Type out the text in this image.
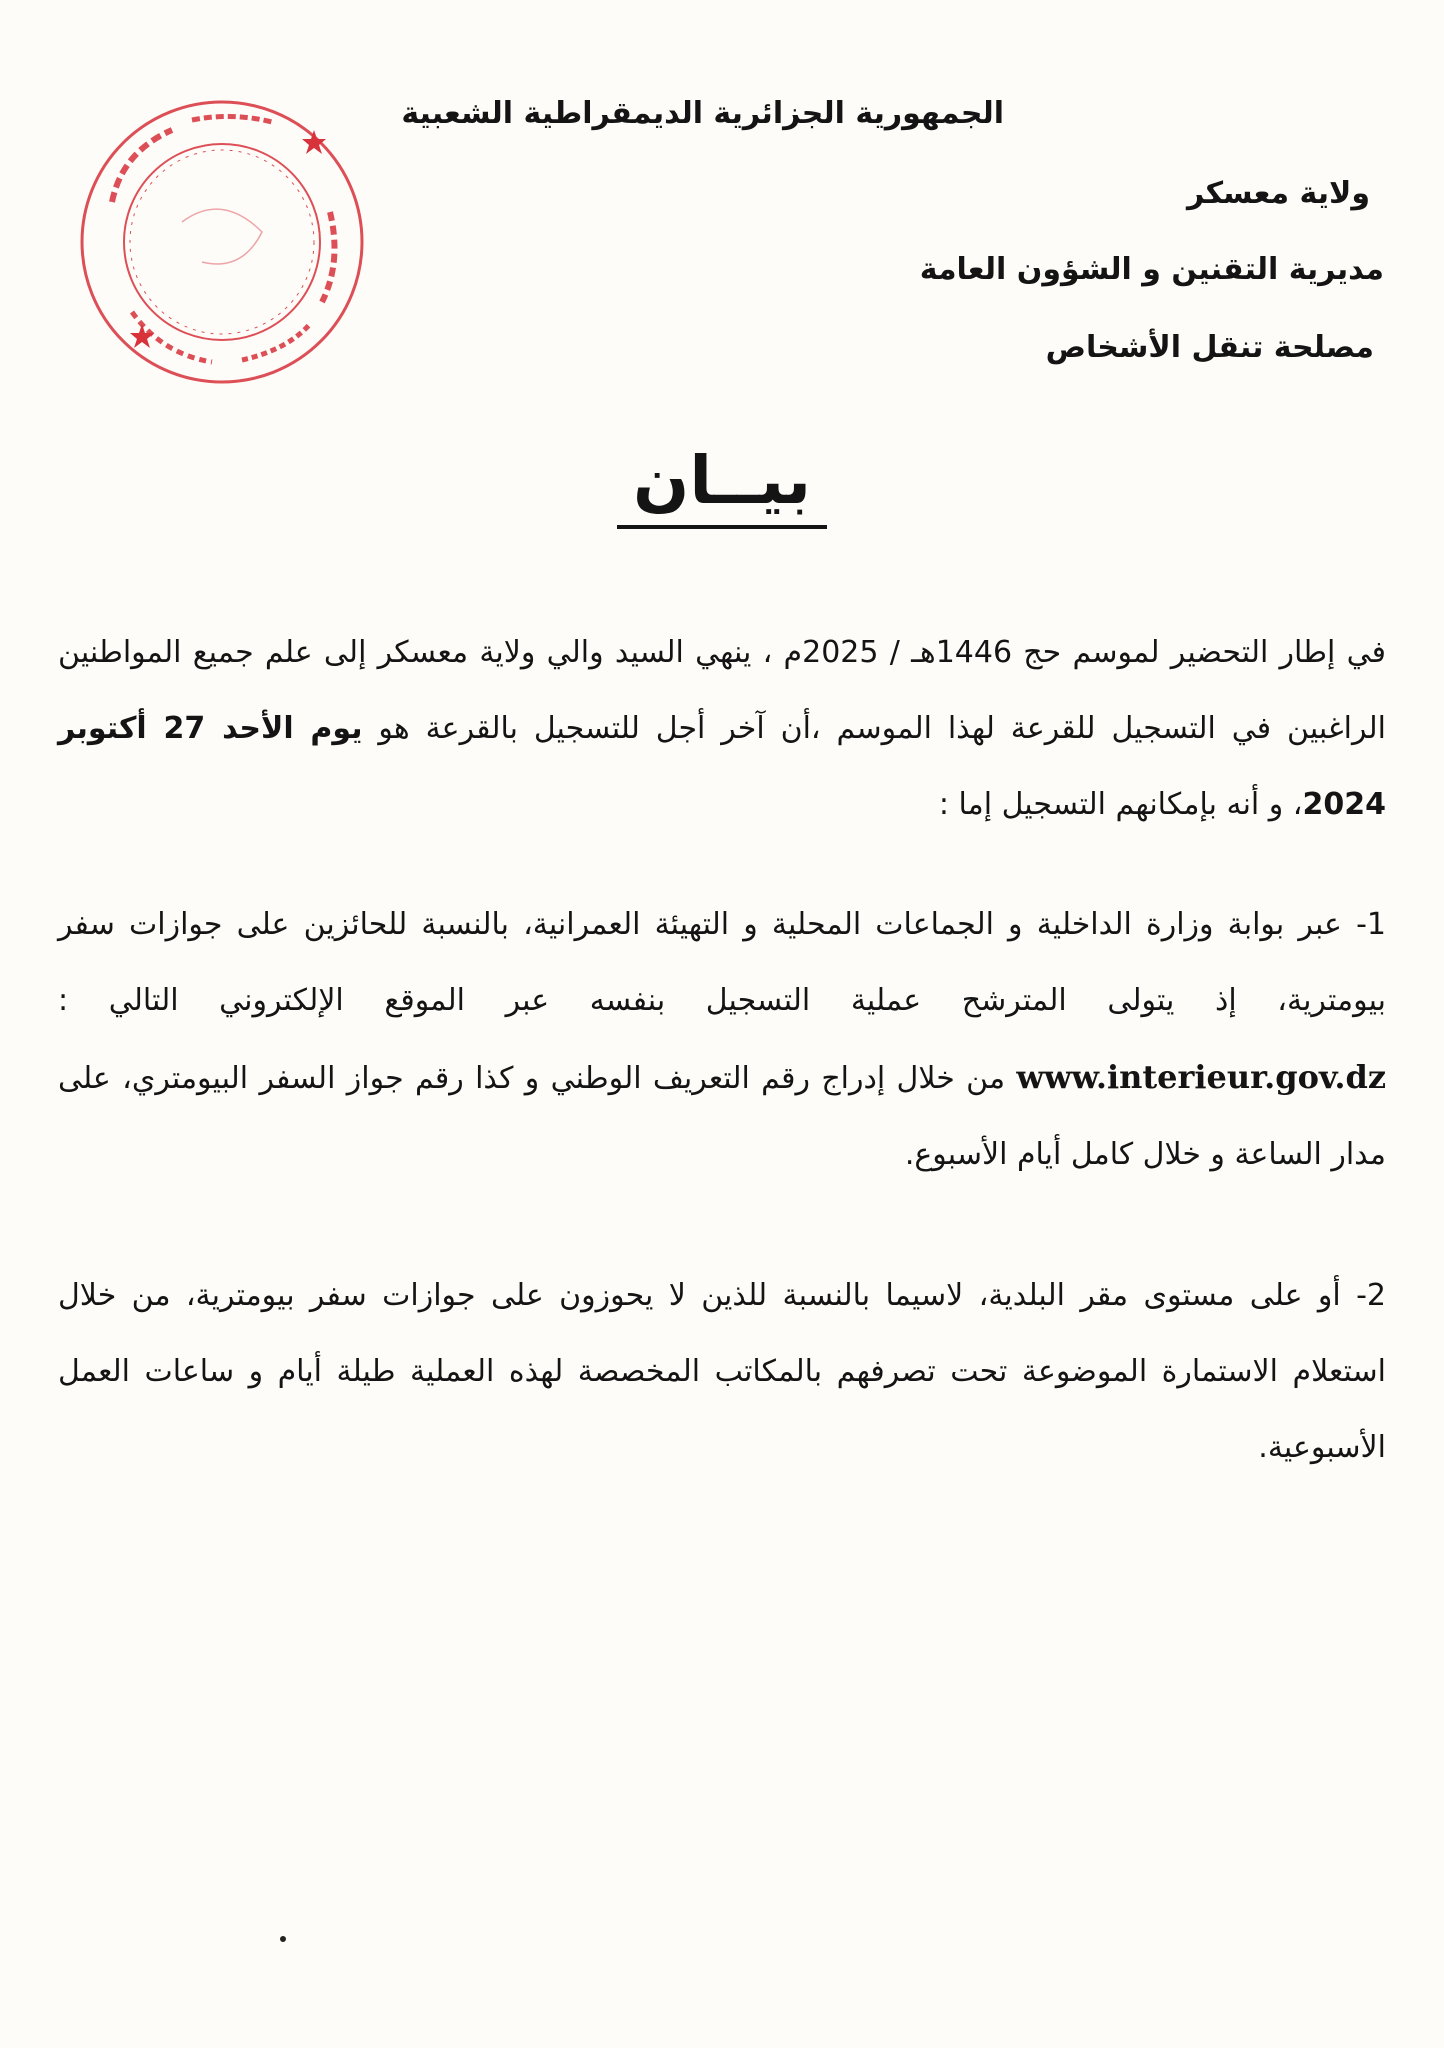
الجمهورية الجزائرية الديمقراطية الشعبية
ولاية معسكر
مديرية التقنين و الشؤون العامة
مصلحة تنقل الأشخاص
بيــان
في إطار التحضير لموسم حج 1446هـ / 2025م ، ينهي السيد والي ولاية معسكر إلى علم جميع المواطنين الراغبين في التسجيل للقرعة لهذا الموسم ،أن آخر أجل للتسجيل بالقرعة هو يوم الأحد 27 أكتوبر 2024، و أنه بإمكانهم التسجيل إما :
1- عبر بوابة وزارة الداخلية و الجماعات المحلية و التهيئة العمرانية، بالنسبة للحائزين على جوازات سفر بيومترية، إذ يتولى المترشح عملية التسجيل بنفسه عبر الموقع الإلكتروني التالي : www.interieur.gov.dz من خلال إدراج رقم التعريف الوطني و كذا رقم جواز السفر البيومتري، على مدار الساعة و خلال كامل أيام الأسبوع.
2- أو على مستوى مقر البلدية، لاسيما بالنسبة للذين لا يحوزون على جوازات سفر بيومترية، من خلال استعلام الاستمارة الموضوعة تحت تصرفهم بالمكاتب المخصصة لهذه العملية طيلة أيام و ساعات العمل الأسبوعية.
